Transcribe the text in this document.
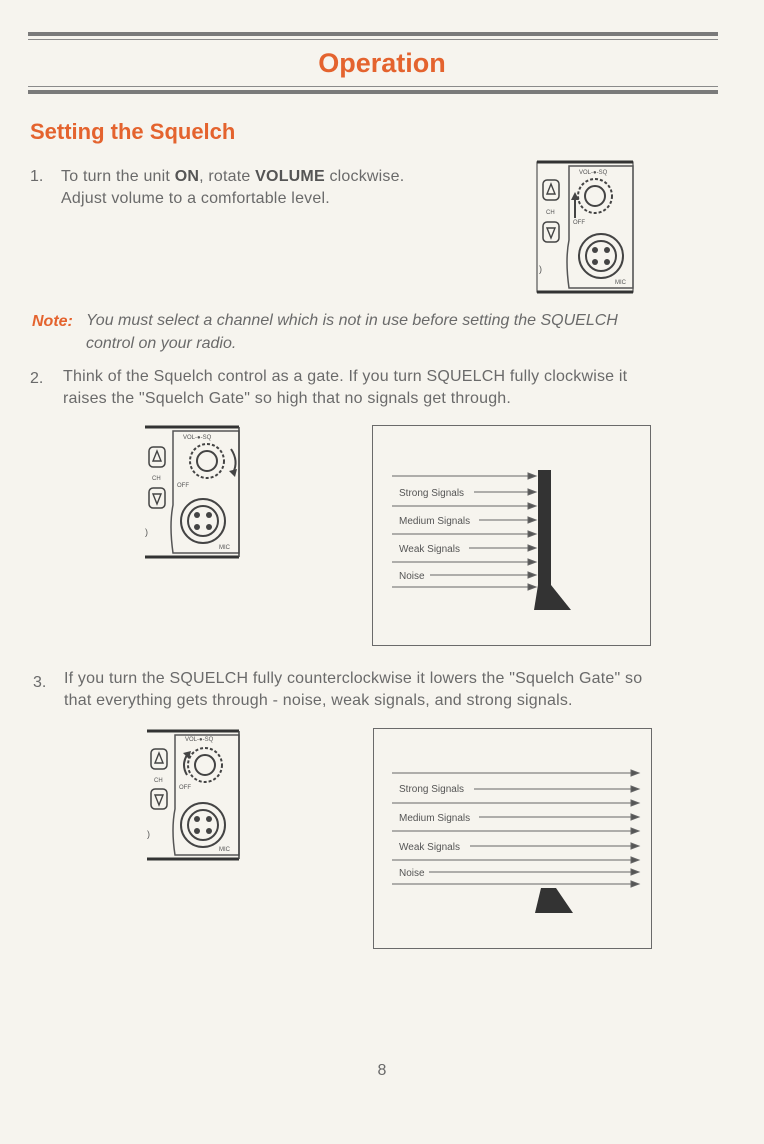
Operation
Setting the Squelch
1. To turn the unit ON, rotate VOLUME clockwise.
Adjust volume to a comfortable level.
CH
VOL-●-SQ
OFF
MIC
)
Note: You must select a channel which is not in use before setting the SQUELCH
control on your radio.
2. Think of the Squelch control as a gate. If you turn SQUELCH fully clockwise it
raises the "Squelch Gate" so high that no signals get through.
CH
VOL-●-SQ
OFF
MIC
)
Strong Signals
Medium Signals
Weak Signals
Noise
3. If you turn the SQUELCH fully counterclockwise it lowers the "Squelch Gate" so
that everything gets through - noise, weak signals, and strong signals.
CH
VOL-●-SQ
OFF
MIC
)
Strong Signals
Medium Signals
Weak Signals
Noise
8
